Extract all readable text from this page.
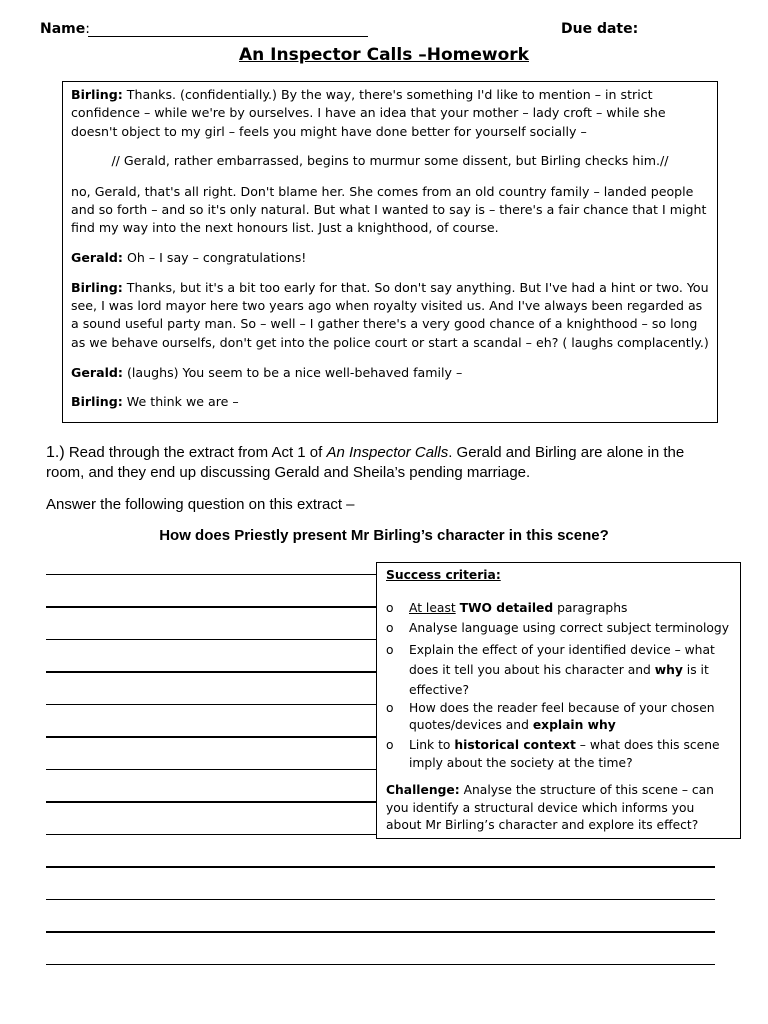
Name:	Due date:
An Inspector Calls –Homework

Birling: Thanks. (confidentially.) By the way, there's something I'd like to mention – in strict confidence – while we're by ourselves. I have an idea that your mother – lady croft – while she doesn't object to my girl – feels you might have done better for yourself socially –

// Gerald, rather embarrassed, begins to murmur some dissent, but Birling checks him.//

no, Gerald, that's all right. Don't blame her. She comes from an old country family – landed people and so forth – and so it's only natural. But what I wanted to say is – there's a fair chance that I might find my way into the next honours list. Just a knighthood, of course.

Gerald: Oh – I say – congratulations!

Birling: Thanks, but it's a bit too early for that. So don't say anything. But I've had a hint or two. You see, I was lord mayor here two years ago when royalty visited us. And I've always been regarded as a sound useful party man. So – well – I gather there's a very good chance of a knighthood – so long as we behave ourselfs, don't get into the police court or start a scandal – eh? ( laughs complacently.)

Gerald: (laughs) You seem to be a nice well-behaved family –

Birling: We think we are –

1.) Read through the extract from Act 1 of An Inspector Calls. Gerald and Birling are alone in the room, and they end up discussing Gerald and Sheila’s pending marriage.
Answer the following question on this extract –
How does Priestly present Mr Birling’s character in this scene?
Success criteria:
o At least TWO detailed paragraphs
o Analyse language using correct subject terminology
o Explain the effect of your identified device – what does it tell you about his character and why is it effective?
o How does the reader feel because of your chosen quotes/devices and explain why
o Link to historical context – what does this scene imply about the society at the time?
Challenge: Analyse the structure of this scene – can you identify a structural device which informs you about Mr Birling’s character and explore its effect?
